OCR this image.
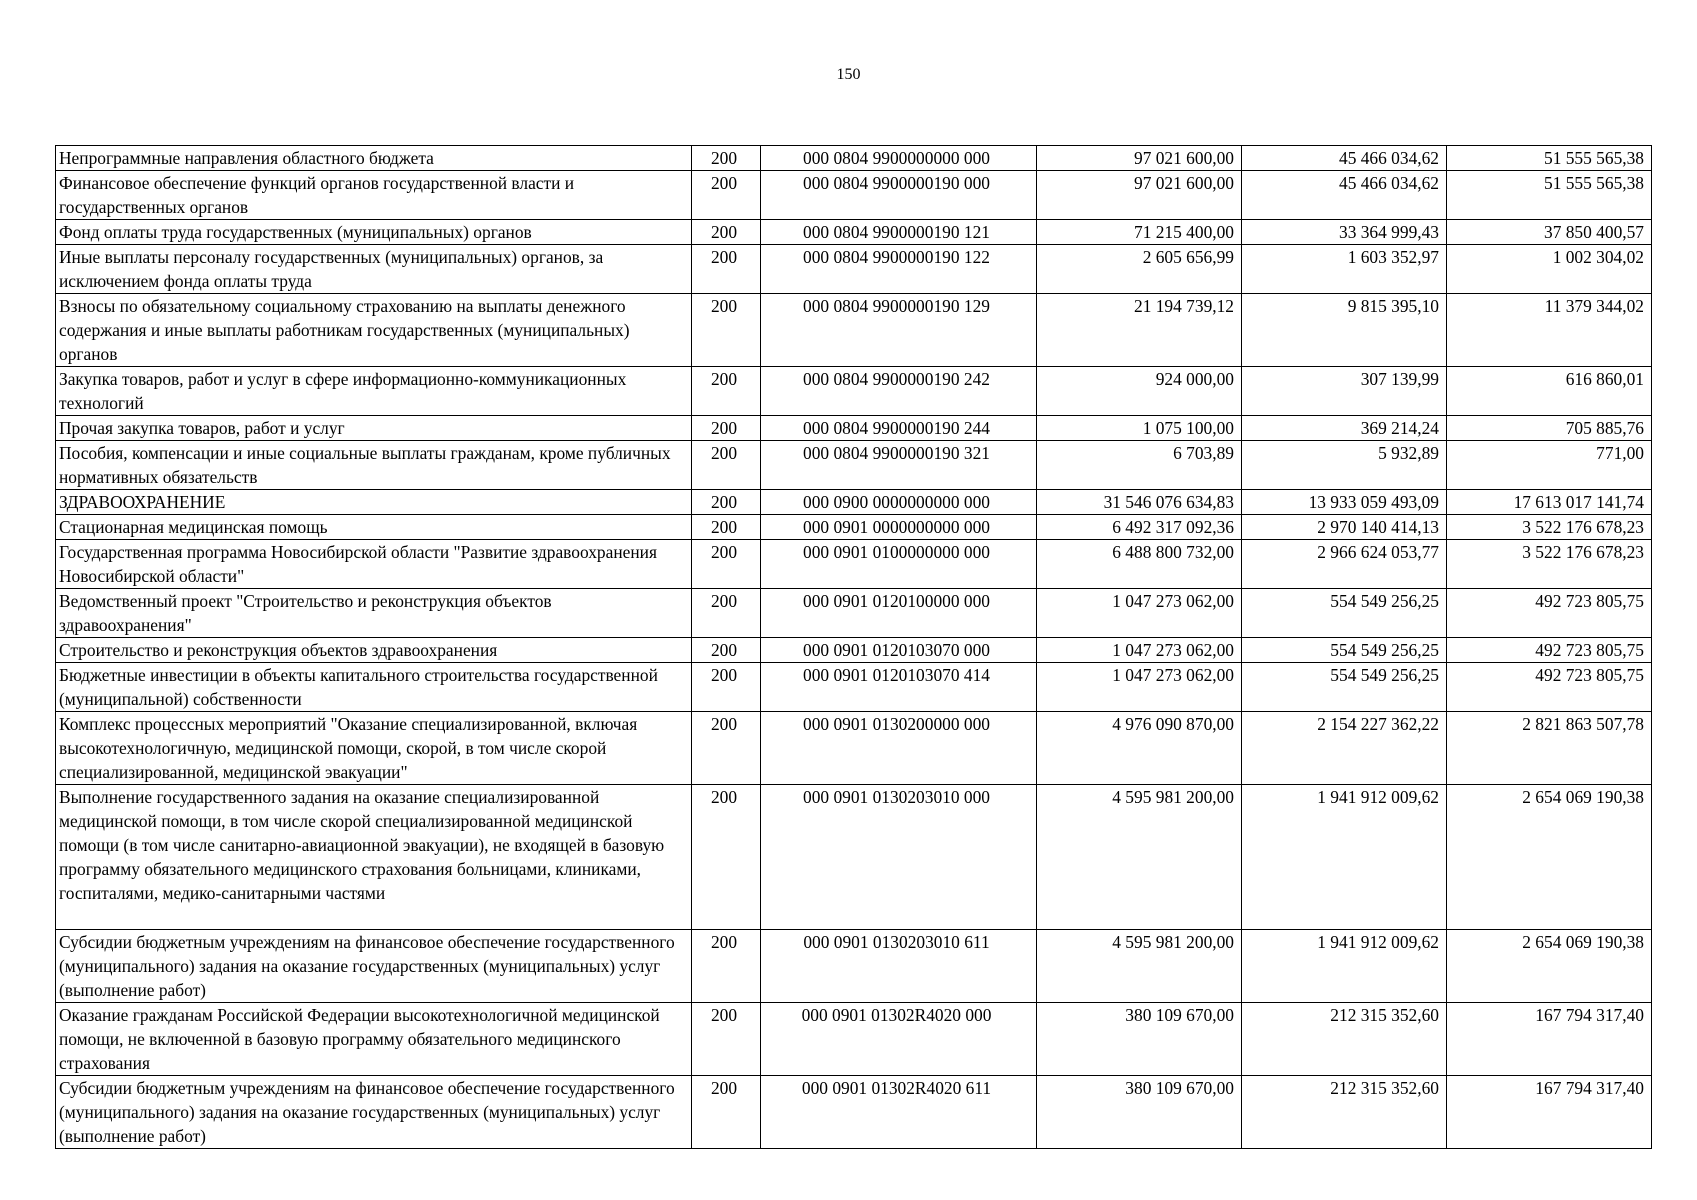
150
Непрограммные направления областного бюджета	200	000 0804 9900000000 000	97 021 600,00	45 466 034,62	51 555 565,38
Финансовое обеспечение функций органов государственной власти и государственных органов	200	000 0804 9900000190 000	97 021 600,00	45 466 034,62	51 555 565,38
Фонд оплаты труда государственных (муниципальных) органов	200	000 0804 9900000190 121	71 215 400,00	33 364 999,43	37 850 400,57
Иные выплаты персоналу государственных (муниципальных) органов, за исключением фонда оплаты труда	200	000 0804 9900000190 122	2 605 656,99	1 603 352,97	1 002 304,02
Взносы по обязательному социальному страхованию на выплаты денежного содержания и иные выплаты работникам государственных (муниципальных) органов	200	000 0804 9900000190 129	21 194 739,12	9 815 395,10	11 379 344,02
Закупка товаров, работ и услуг в сфере информационно-коммуникационных технологий	200	000 0804 9900000190 242	924 000,00	307 139,99	616 860,01
Прочая закупка товаров, работ и услуг	200	000 0804 9900000190 244	1 075 100,00	369 214,24	705 885,76
Пособия, компенсации и иные социальные выплаты гражданам, кроме публичных нормативных обязательств	200	000 0804 9900000190 321	6 703,89	5 932,89	771,00
ЗДРАВООХРАНЕНИЕ	200	000 0900 0000000000 000	31 546 076 634,83	13 933 059 493,09	17 613 017 141,74
Стационарная медицинская помощь	200	000 0901 0000000000 000	6 492 317 092,36	2 970 140 414,13	3 522 176 678,23
Государственная программа Новосибирской области "Развитие здравоохранения Новосибирской области"	200	000 0901 0100000000 000	6 488 800 732,00	2 966 624 053,77	3 522 176 678,23
Ведомственный проект "Строительство и реконструкция объектов здравоохранения"	200	000 0901 0120100000 000	1 047 273 062,00	554 549 256,25	492 723 805,75
Строительство и реконструкция объектов здравоохранения	200	000 0901 0120103070 000	1 047 273 062,00	554 549 256,25	492 723 805,75
Бюджетные инвестиции в объекты капитального строительства государственной (муниципальной) собственности	200	000 0901 0120103070 414	1 047 273 062,00	554 549 256,25	492 723 805,75
Комплекс процессных мероприятий "Оказание специализированной, включая высокотехнологичную, медицинской помощи, скорой, в том числе скорой специализированной, медицинской эвакуации"	200	000 0901 0130200000 000	4 976 090 870,00	2 154 227 362,22	2 821 863 507,78
Выполнение государственного задания на оказание специализированной медицинской помощи, в том числе скорой специализированной медицинской помощи (в том числе санитарно-авиационной эвакуации), не входящей в базовую программу обязательного медицинского страхования больницами, клиниками, госпиталями, медико-санитарными частями	200	000 0901 0130203010 000	4 595 981 200,00	1 941 912 009,62	2 654 069 190,38
Субсидии бюджетным учреждениям на финансовое обеспечение государственного (муниципального) задания на оказание государственных (муниципальных) услуг (выполнение работ)	200	000 0901 0130203010 611	4 595 981 200,00	1 941 912 009,62	2 654 069 190,38
Оказание гражданам Российской Федерации высокотехнологичной медицинской помощи, не включенной в базовую программу обязательного медицинского страхования	200	000 0901 01302R4020 000	380 109 670,00	212 315 352,60	167 794 317,40
Субсидии бюджетным учреждениям на финансовое обеспечение государственного (муниципального) задания на оказание государственных (муниципальных) услуг (выполнение работ)	200	000 0901 01302R4020 611	380 109 670,00	212 315 352,60	167 794 317,40
